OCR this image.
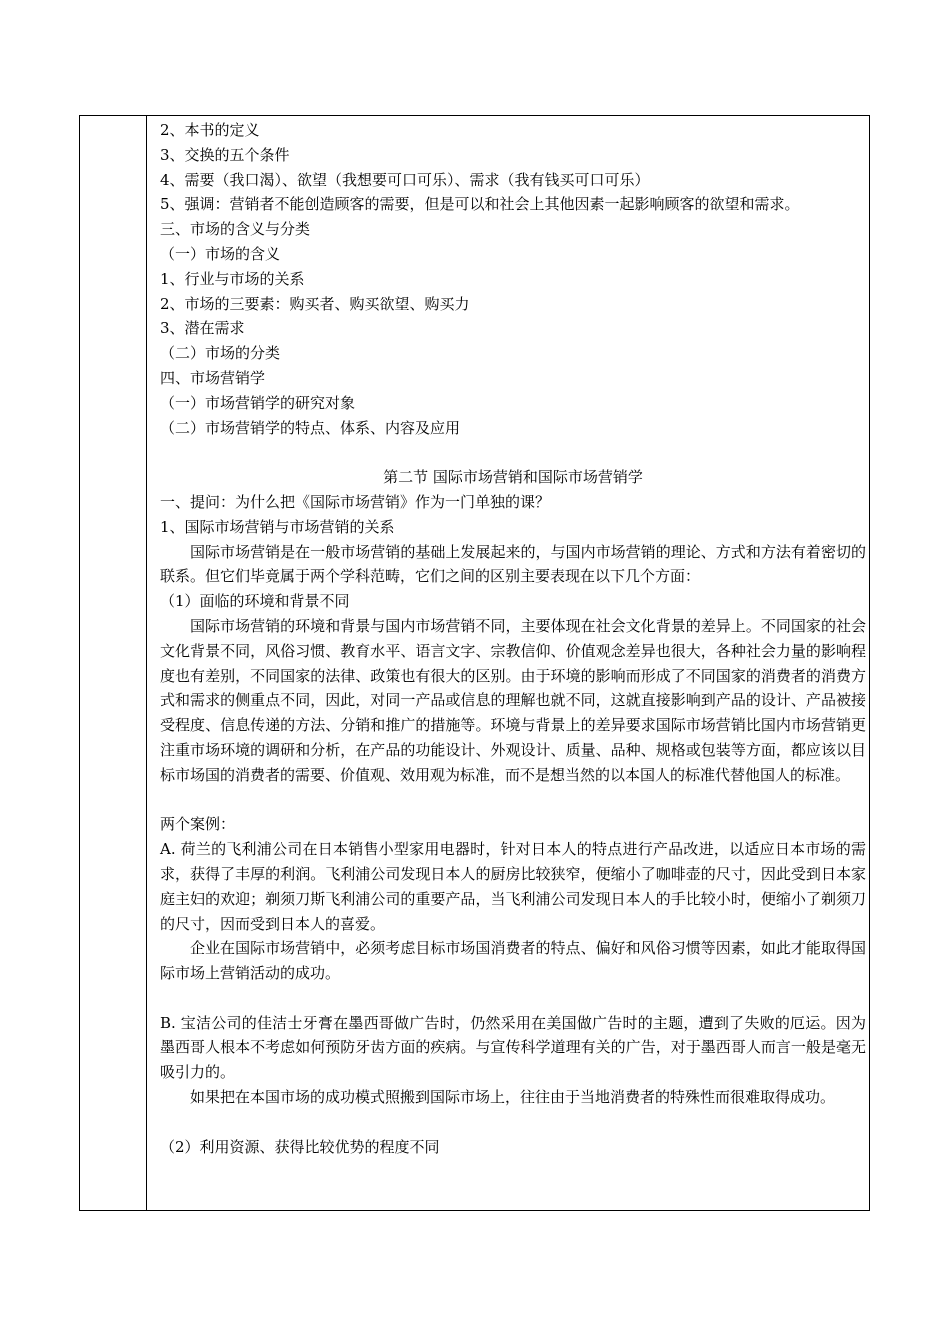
2、本书的定义
3、交换的五个条件
4、需要（我口渴）、欲望（我想要可口可乐）、需求（我有钱买可口可乐）
5、强调：营销者不能创造顾客的需要，但是可以和社会上其他因素一起影响顾客的欲望和需求。
三、市场的含义与分类
（一）市场的含义
1、行业与市场的关系
2、市场的三要素：购买者、购买欲望、购买力
3、潜在需求
（二）市场的分类
四、市场营销学
（一）市场营销学的研究对象
（二）市场营销学的特点、体系、内容及应用
第二节 国际市场营销和国际市场营销学
一、提问：为什么把《国际市场营销》作为一门单独的课？
1、国际市场营销与市场营销的关系
国际市场营销是在一般市场营销的基础上发展起来的，与国内市场营销的理论、方式和方法有着密切的联系。但它们毕竟属于两个学科范畴，它们之间的区别主要表现在以下几个方面：
（1）面临的环境和背景不同
国际市场营销的环境和背景与国内市场营销不同，主要体现在社会文化背景的差异上。不同国家的社会文化背景不同，风俗习惯、教育水平、语言文字、宗教信仰、价值观念差异也很大，各种社会力量的影响程度也有差别，不同国家的法律、政策也有很大的区别。由于环境的影响而形成了不同国家的消费者的消费方式和需求的侧重点不同，因此，对同一产品或信息的理解也就不同，这就直接影响到产品的设计、产品被接受程度、信息传递的方法、分销和推广的措施等。环境与背景上的差异要求国际市场营销比国内市场营销更注重市场环境的调研和分析，在产品的功能设计、外观设计、质量、品种、规格或包装等方面，都应该以目标市场国的消费者的需要、价值观、效用观为标准，而不是想当然的以本国人的标准代替他国人的标准。
两个案例：
A. 荷兰的飞利浦公司在日本销售小型家用电器时，针对日本人的特点进行产品改进，以适应日本市场的需求，获得了丰厚的利润。飞利浦公司发现日本人的厨房比较狭窄，便缩小了咖啡壶的尺寸，因此受到日本家庭主妇的欢迎；剃须刀斯飞利浦公司的重要产品，当飞利浦公司发现日本人的手比较小时，便缩小了剃须刀的尺寸，因而受到日本人的喜爱。
企业在国际市场营销中，必须考虑目标市场国消费者的特点、偏好和风俗习惯等因素，如此才能取得国际市场上营销活动的成功。
B. 宝洁公司的佳洁士牙膏在墨西哥做广告时，仍然采用在美国做广告时的主题，遭到了失败的厄运。因为墨西哥人根本不考虑如何预防牙齿方面的疾病。与宣传科学道理有关的广告，对于墨西哥人而言一般是毫无吸引力的。
如果把在本国市场的成功模式照搬到国际市场上，往往由于当地消费者的特殊性而很难取得成功。
（2）利用资源、获得比较优势的程度不同
